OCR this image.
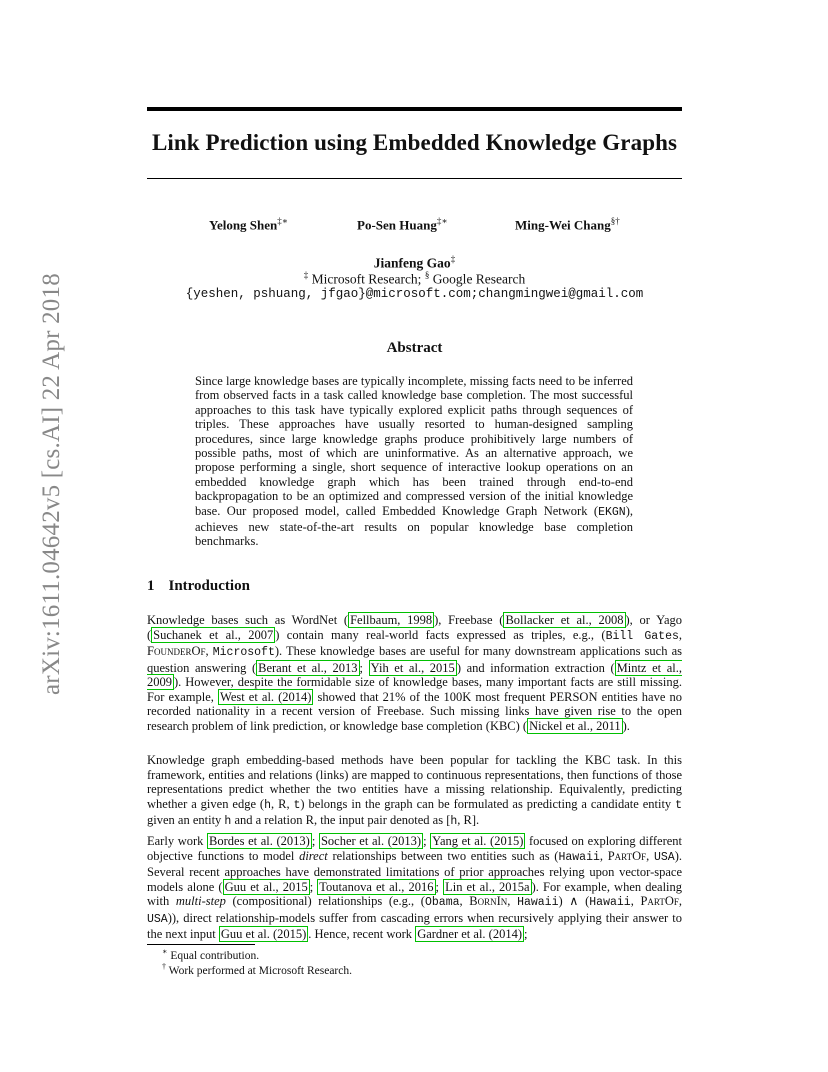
Link Prediction using Embedded Knowledge Graphs
Yelong Shen‡∗	Po-Sen Huang‡∗	Ming-Wei Chang§†
Jianfeng Gao‡
‡ Microsoft Research; § Google Research
{yeshen, pshuang, jfgao}@microsoft.com;changmingwei@gmail.com
Abstract
Since large knowledge bases are typically incomplete, missing facts need to be inferred from observed facts in a task called knowledge base completion. The most successful approaches to this task have typically explored explicit paths through sequences of triples. These approaches have usually resorted to human-designed sampling procedures, since large knowledge graphs produce prohibitively large numbers of possible paths, most of which are uninformative. As an alternative approach, we propose performing a single, short sequence of interactive lookup operations on an embedded knowledge graph which has been trained through end-to-end backpropagation to be an optimized and compressed version of the initial knowledge base. Our proposed model, called Embedded Knowledge Graph Network (EKGN), achieves new state-of-the-art results on popular knowledge base completion benchmarks.
1 Introduction
Knowledge bases such as WordNet ( Fellbaum, 1998 ), Freebase ( Bollacker et al., 2008 ), or Yago ( Suchanek et al., 2007 ) contain many real-world facts expressed as triples, e.g., (Bill Gates, FounderOf, Microsoft). These knowledge bases are useful for many downstream applications such as question answering ( Berant et al., 2013 ; Yih et al., 2015 ) and information extraction ( Mintz et al., 2009 ). However, despite the formidable size of knowledge bases, many important facts are still missing. For example, West et al. (2014) showed that 21% of the 100K most frequent PERSON entities have no recorded nationality in a recent version of Freebase. Such missing links have given rise to the open research problem of link prediction, or knowledge base completion (KBC) ( Nickel et al., 2011 ).
Knowledge graph embedding-based methods have been popular for tackling the KBC task. In this framework, entities and relations (links) are mapped to continuous representations, then functions of those representations predict whether the two entities have a missing relationship. Equivalently, predicting whether a given edge (h, R, t) belongs in the graph can be formulated as predicting a candidate entity t given an entity h and a relation R, the input pair denoted as [h, R].
Early work Bordes et al. (2013) ; Socher et al. (2013) ; Yang et al. (2015) focused on exploring different objective functions to model direct relationships between two entities such as (Hawaii, PartOf, USA). Several recent approaches have demonstrated limitations of prior approaches relying upon vector-space models alone ( Guu et al., 2015 ; Toutanova et al., 2016 ; Lin et al., 2015a ). For example, when dealing with multi-step (compositional) relationships (e.g., (Obama, BornIn, Hawaii) ∧ (Hawaii, PartOf, USA)), direct relationship-models suffer from cascading errors when recursively applying their answer to the next input Guu et al. (2015) . Hence, recent work Gardner et al. (2014) ;
∗ Equal contribution.
† Work performed at Microsoft Research.
arXiv:1611.04642v5 [cs.AI] 22 Apr 2018
